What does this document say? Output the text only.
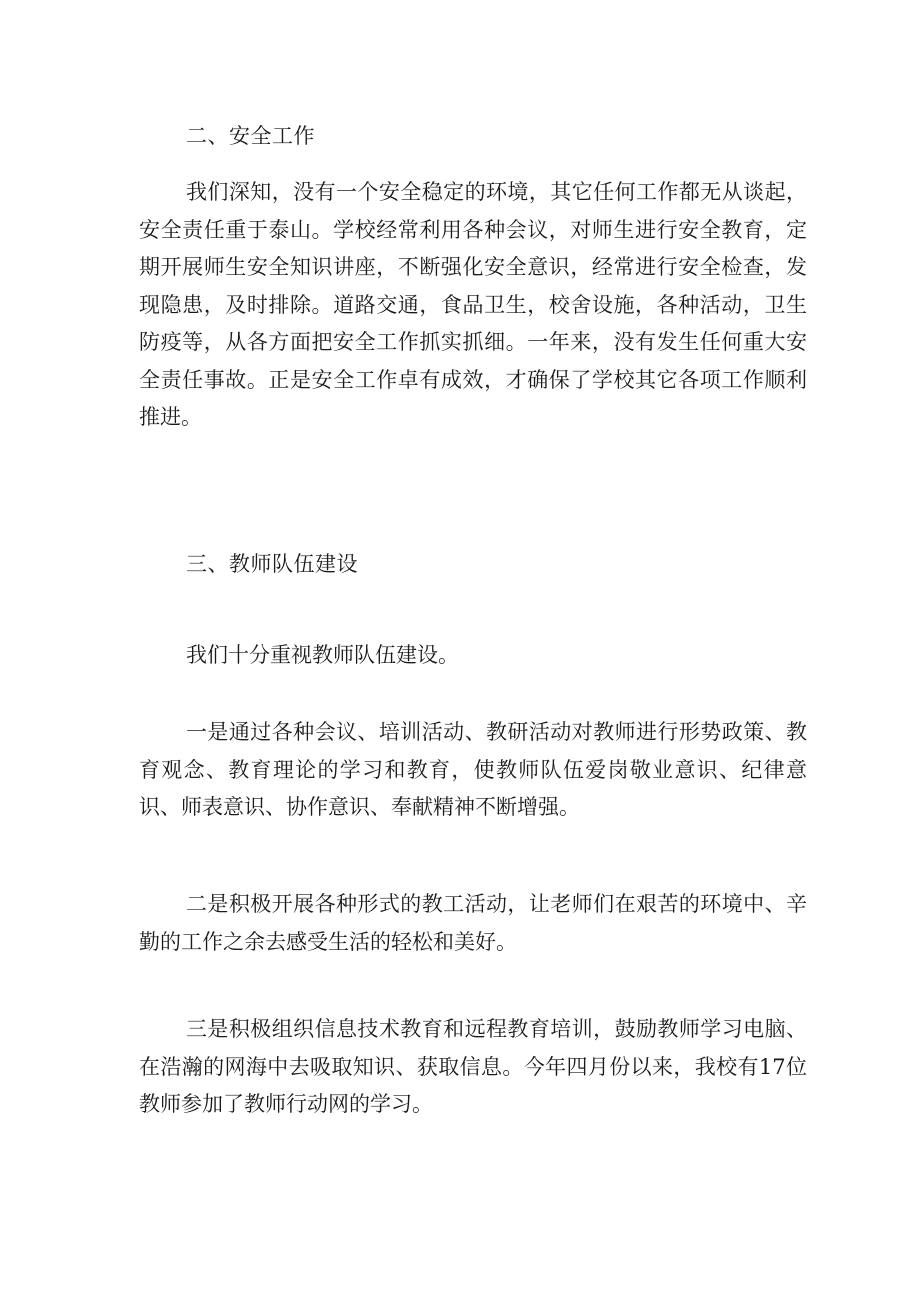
二、安全工作

我们深知，没有一个安全稳定的环境，其它任何工作都无从谈起，安全责任重于泰山。学校经常利用各种会议，对师生进行安全教育，定期开展师生安全知识讲座，不断强化安全意识，经常进行安全检查，发现隐患，及时排除。道路交通，食品卫生，校舍设施，各种活动，卫生防疫等，从各方面把安全工作抓实抓细。一年来，没有发生任何重大安全责任事故。正是安全工作卓有成效，才确保了学校其它各项工作顺利推进。

三、教师队伍建设

我们十分重视教师队伍建设。

一是通过各种会议、培训活动、教研活动对教师进行形势政策、教育观念、教育理论的学习和教育，使教师队伍爱岗敬业意识、纪律意识、师表意识、协作意识、奉献精神不断增强。

二是积极开展各种形式的教工活动，让老师们在艰苦的环境中、辛勤的工作之余去感受生活的轻松和美好。

三是积极组织信息技术教育和远程教育培训，鼓励教师学习电脑、在浩瀚的网海中去吸取知识、获取信息。今年四月份以来，我校有17位教师参加了教师行动网的学习。
